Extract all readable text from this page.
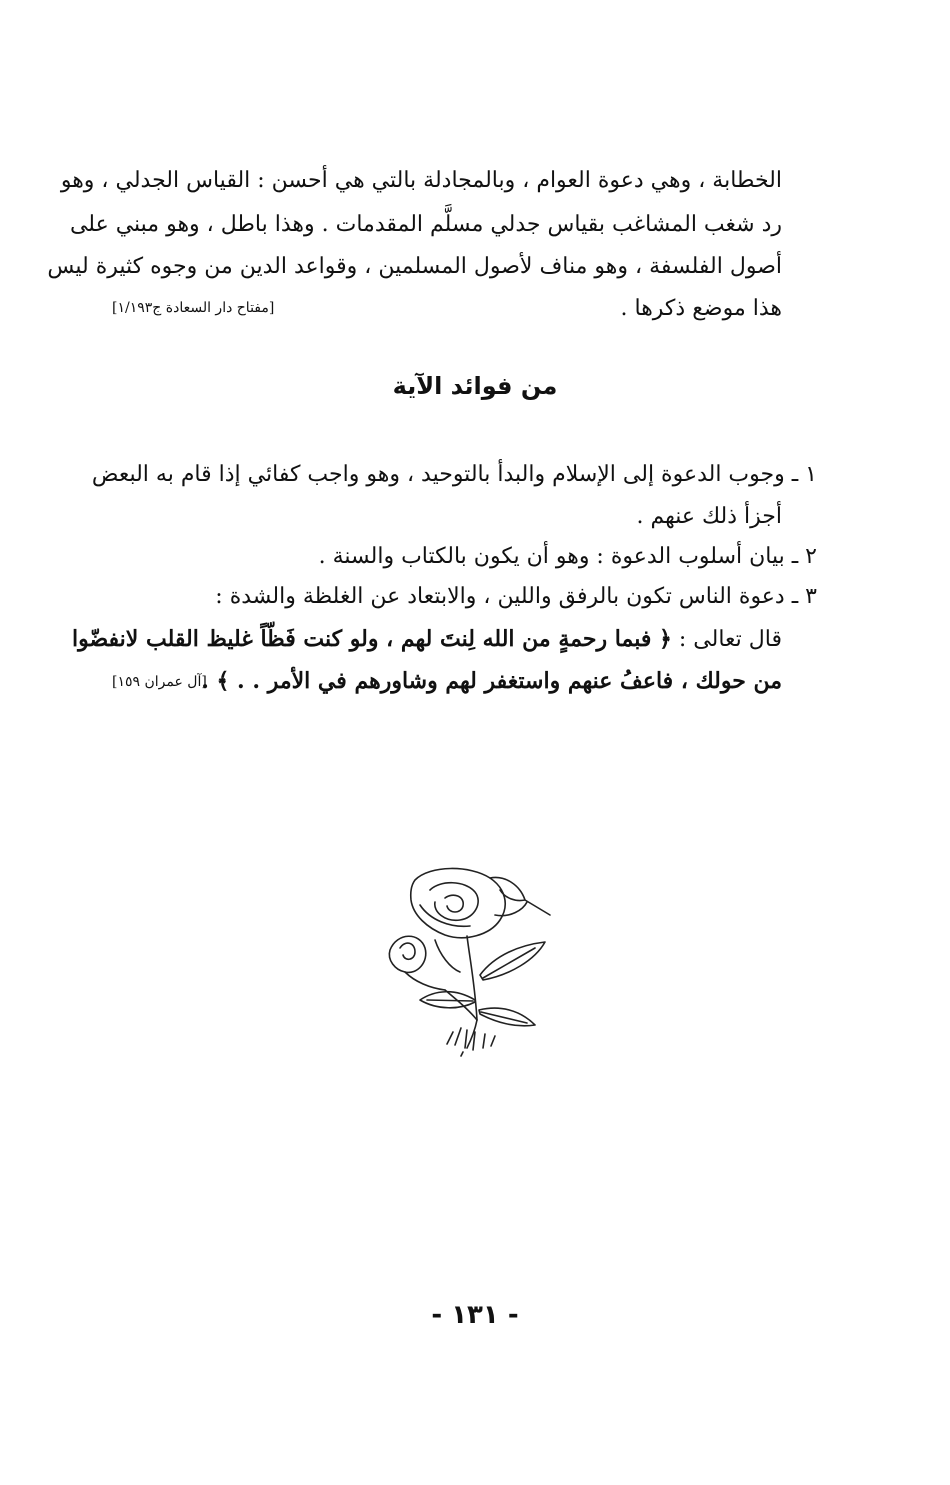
الخطابة ، وهي دعوة العوام ، وبالمجادلة بالتي هي أحسن : القياس الجدلي ، وهو
رد شغب المشاغب بقياس جدلي مسلَّم المقدمات . وهذا باطل ، وهو مبني على
أصول الفلسفة ، وهو مناف لأصول المسلمين ، وقواعد الدين من وجوه كثيرة ليس
هذا موضع ذكرها .
[مفتاح دار السعادة ج١/١٩٣]
من فوائد الآية
١ ـ وجوب الدعوة إلى الإسلام والبدأ بالتوحيد ، وهو واجب كفائي إذا قام به البعض
أجزأ ذلك عنهم .
٢ ـ بيان أسلوب الدعوة : وهو أن يكون بالكتاب والسنة .
٣ ـ دعوة الناس تكون بالرفق واللين ، والابتعاد عن الغلظة والشدة :
قال تعالى : ﴿ فبما رحمةٍ من الله لِنتَ لهم ، ولو كنت فَظّاً غليظ القلب لانفضّوا
من حولك ، فاعفُ عنهم واستغفر لهم وشاورهم في الأمر . . ﴾ .
[آل عمران ١٥٩]
- ١٣١ -
